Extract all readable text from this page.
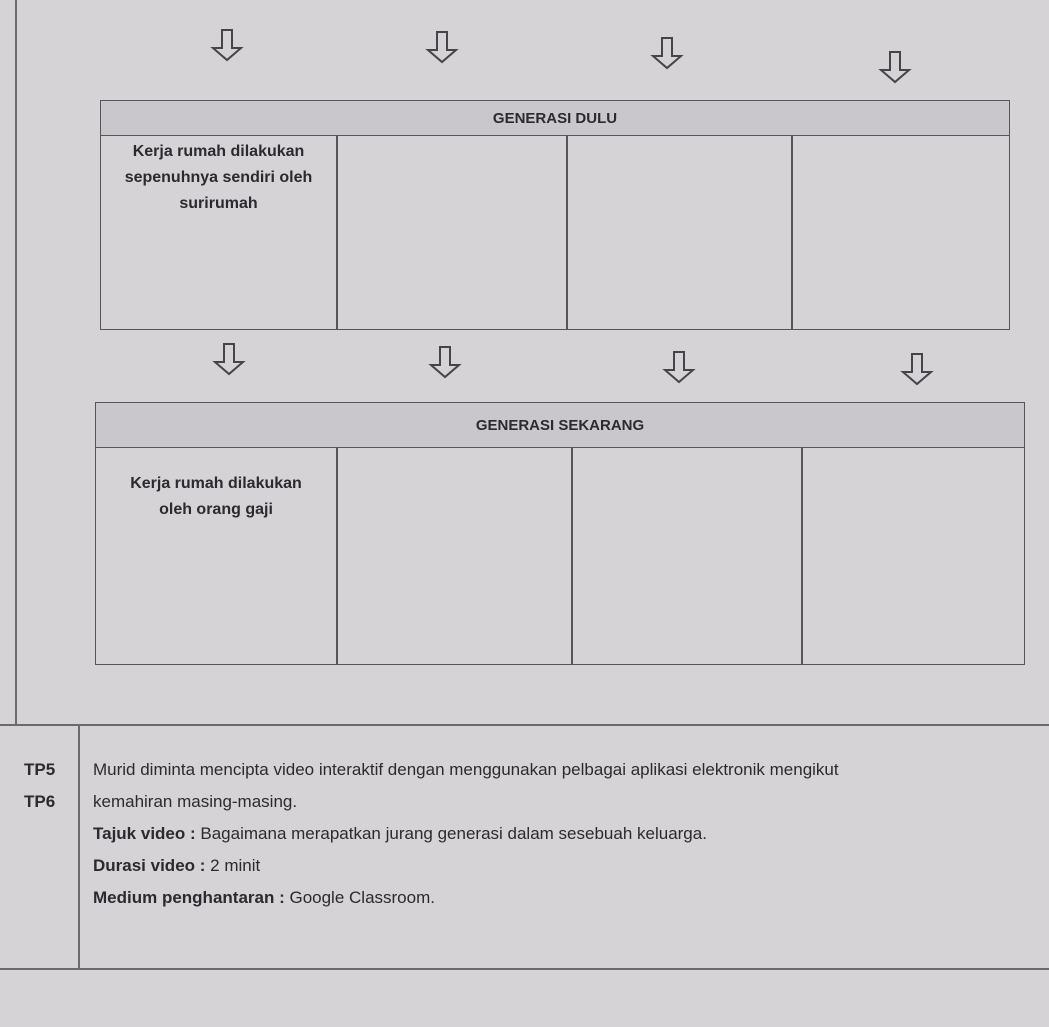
GENERASI DULU
Kerja rumah dilakukan sepenuhnya sendiri oleh surirumah
GENERASI SEKARANG
Kerja rumah dilakukan oleh orang gaji
TP5
TP6
Murid diminta mencipta video interaktif dengan menggunakan pelbagai aplikasi elektronik mengikut
kemahiran masing-masing.
Tajuk video : Bagaimana merapatkan jurang generasi dalam sesebuah keluarga.
Durasi video : 2 minit
Medium penghantaran : Google Classroom.
